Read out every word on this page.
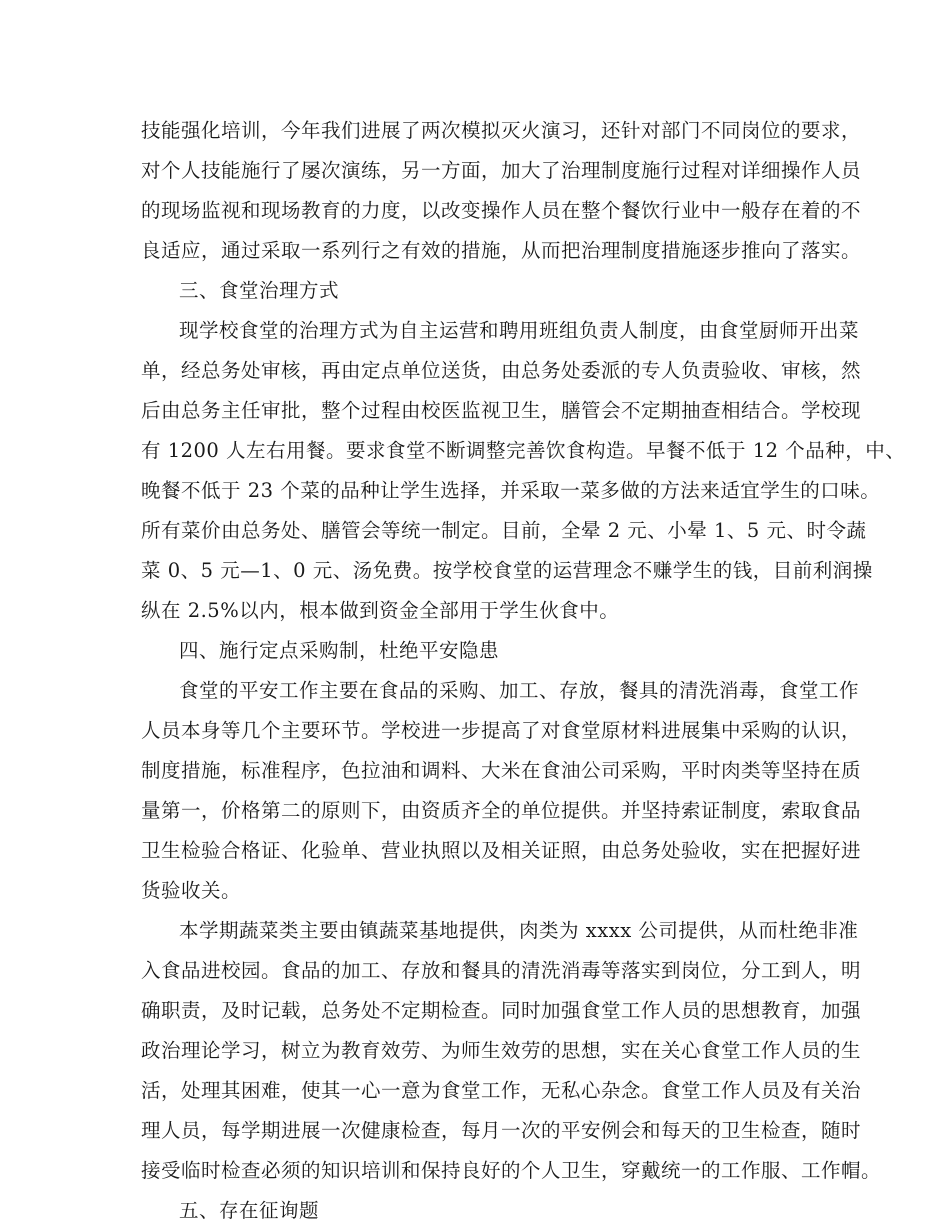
技能强化培训，今年我们进展了两次模拟灭火演习，还针对部门不同岗位的要求，
对个人技能施行了屡次演练，另一方面，加大了治理制度施行过程对详细操作人员
的现场监视和现场教育的力度，以改变操作人员在整个餐饮行业中一般存在着的不
良适应，通过采取一系列行之有效的措施，从而把治理制度措施逐步推向了落实。
三、食堂治理方式
现学校食堂的治理方式为自主运营和聘用班组负责人制度，由食堂厨师开出菜
单，经总务处审核，再由定点单位送货，由总务处委派的专人负责验收、审核，然
后由总务主任审批，整个过程由校医监视卫生，膳管会不定期抽查相结合。学校现
有 1200 人左右用餐。要求食堂不断调整完善饮食构造。早餐不低于 12 个品种，中、
晚餐不低于 23 个菜的品种让学生选择，并采取一菜多做的方法来适宜学生的口味。
所有菜价由总务处、膳管会等统一制定。目前，全晕 2 元、小晕 1、5 元、时令蔬
菜 0、5 元—1、0 元、汤免费。按学校食堂的运营理念不赚学生的钱，目前利润操
纵在 2.5%以内，根本做到资金全部用于学生伙食中。
四、施行定点采购制，杜绝平安隐患
食堂的平安工作主要在食品的采购、加工、存放，餐具的清洗消毒，食堂工作
人员本身等几个主要环节。学校进一步提高了对食堂原材料进展集中采购的认识，
制度措施，标准程序，色拉油和调料、大米在食油公司采购，平时肉类等坚持在质
量第一，价格第二的原则下，由资质齐全的单位提供。并坚持索证制度，索取食品
卫生检验合格证、化验单、营业执照以及相关证照，由总务处验收，实在把握好进
货验收关。
本学期蔬菜类主要由镇蔬菜基地提供，肉类为 xxxx 公司提供，从而杜绝非准
入食品进校园。食品的加工、存放和餐具的清洗消毒等落实到岗位，分工到人，明
确职责，及时记载，总务处不定期检查。同时加强食堂工作人员的思想教育，加强
政治理论学习，树立为教育效劳、为师生效劳的思想，实在关心食堂工作人员的生
活，处理其困难，使其一心一意为食堂工作，无私心杂念。食堂工作人员及有关治
理人员，每学期进展一次健康检查，每月一次的平安例会和每天的卫生检查，随时
接受临时检查必须的知识培训和保持良好的个人卫生，穿戴统一的工作服、工作帽。
五、存在征询题
